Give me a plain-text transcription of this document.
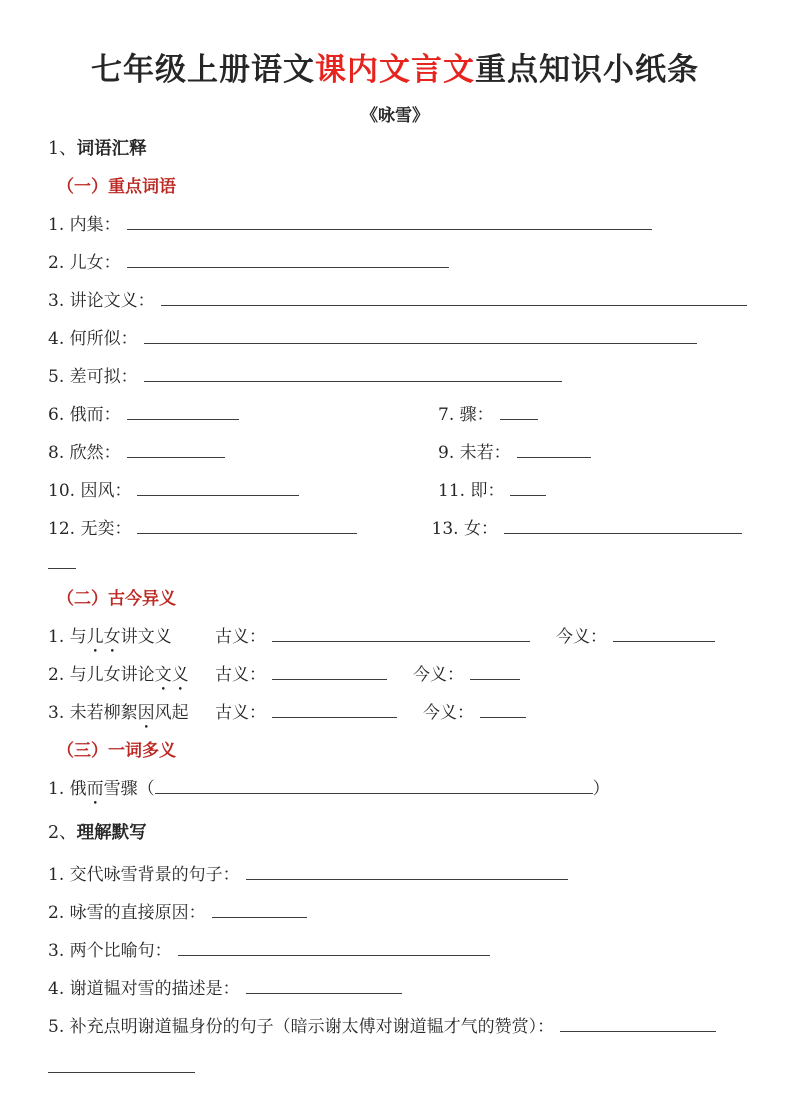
七年级上册语文课内文言文重点知识小纸条
《咏雪》
1、词语汇释
（一）重点词语
1. 内集：
2. 儿女：
3. 讲论文义：
4. 何所似：
5. 差可拟：
6. 俄而：	7. 骤：
8. 欣然：	9. 未若：
10. 因风：	11. 即：
12. 无奕：	13. 女：
（二）古今异义
1. 与儿女讲文义	古义：	今义：
2. 与儿女讲论文义 古义：	今义：
3. 未若柳絮因风起 古义：	今义：
（三）一词多义
1. 俄而雪骤（	）
2、理解默写
1. 交代咏雪背景的句子：
2. 咏雪的直接原因：
3. 两个比喻句：
4. 谢道韫对雪的描述是：
5. 补充点明谢道韫身份的句子（暗示谢太傅对谢道韫才气的赞赏）：
